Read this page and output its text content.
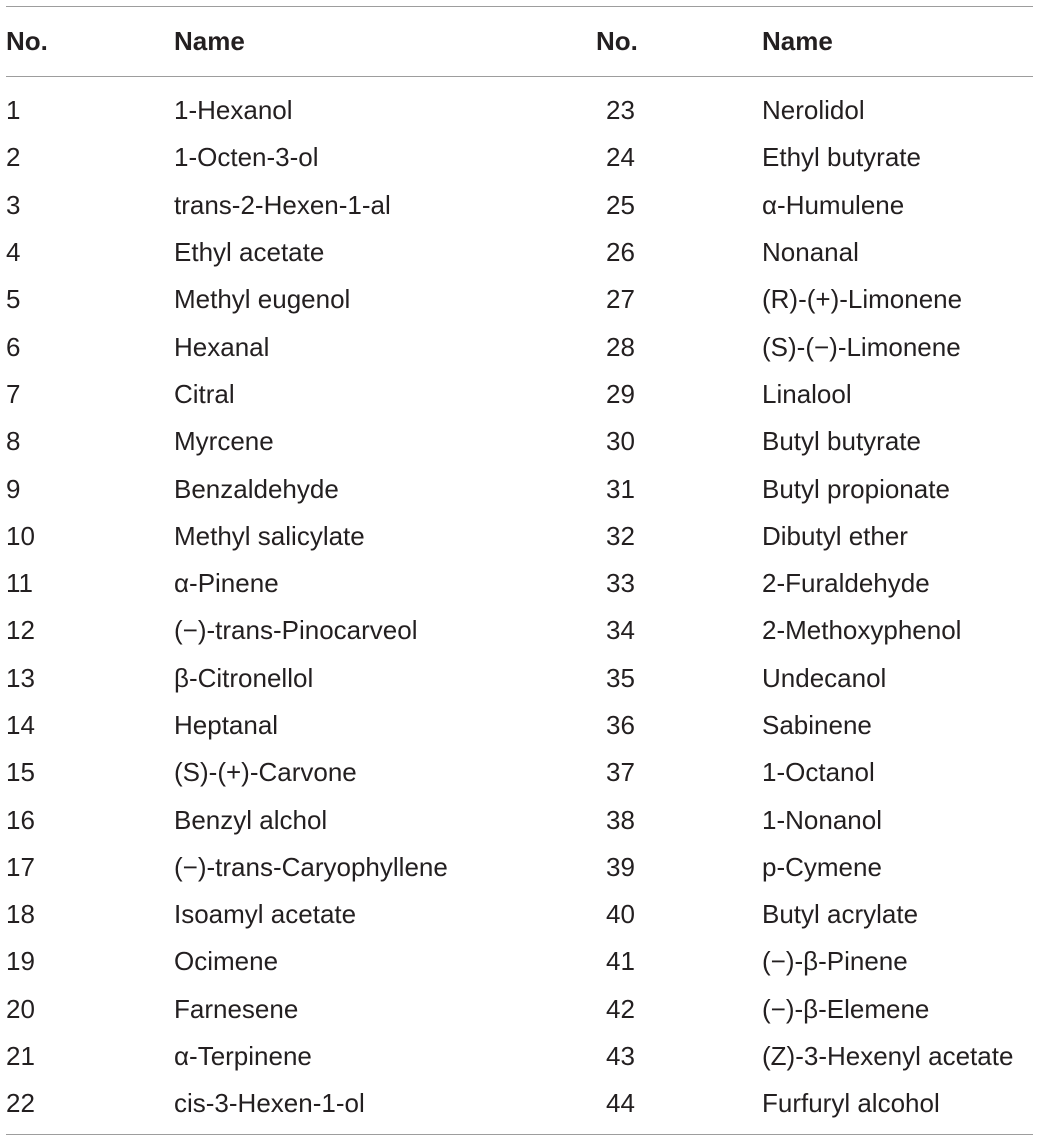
No.	Name	No.	Name
1	1-Hexanol	23	Nerolidol
2	1-Octen-3-ol	24	Ethyl butyrate
3	trans-2-Hexen-1-al	25	α-Humulene
4	Ethyl acetate	26	Nonanal
5	Methyl eugenol	27	(R)-(+)-Limonene
6	Hexanal	28	(S)-(−)-Limonene
7	Citral	29	Linalool
8	Myrcene	30	Butyl butyrate
9	Benzaldehyde	31	Butyl propionate
10	Methyl salicylate	32	Dibutyl ether
11	α-Pinene	33	2-Furaldehyde
12	(−)-trans-Pinocarveol	34	2-Methoxyphenol
13	β-Citronellol	35	Undecanol
14	Heptanal	36	Sabinene
15	(S)-(+)-Carvone	37	1-Octanol
16	Benzyl alchol	38	1-Nonanol
17	(−)-trans-Caryophyllene	39	p-Cymene
18	Isoamyl acetate	40	Butyl acrylate
19	Ocimene	41	(−)-β-Pinene
20	Farnesene	42	(−)-β-Elemene
21	α-Terpinene	43	(Z)-3-Hexenyl acetate
22	cis-3-Hexen-1-ol	44	Furfuryl alcohol
